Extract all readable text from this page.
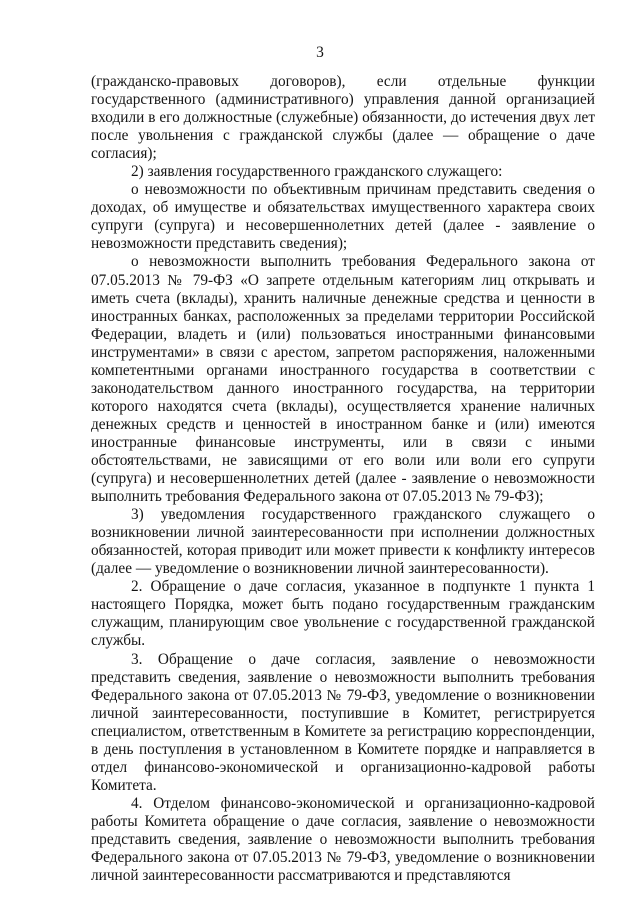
3

(гражданско-правовых договоров), если отдельные функции государственного (административного) управления данной организацией входили в его должностные (служебные) обязанности, до истечения двух лет после увольнения с гражданской службы (далее — обращение о даче согласия);

2) заявления государственного гражданского служащего:

о невозможности по объективным причинам представить сведения о доходах, об имуществе и обязательствах имущественного характера своих супруги (супруга) и несовершеннолетних детей (далее - заявление о невозможности представить сведения);

о невозможности выполнить требования Федерального закона от 07.05.2013 № 79-ФЗ «О запрете отдельным категориям лиц открывать и иметь счета (вклады), хранить наличные денежные средства и ценности в иностранных банках, расположенных за пределами территории Российской Федерации, владеть и (или) пользоваться иностранными финансовыми инструментами» в связи с арестом, запретом распоряжения, наложенными компетентными органами иностранного государства в соответствии с законодательством данного иностранного государства, на территории которого находятся счета (вклады), осуществляется хранение наличных денежных средств и ценностей в иностранном банке и (или) имеются иностранные финансовые инструменты, или в связи с иными обстоятельствами, не зависящими от его воли или воли его супруги (супруга) и несовершеннолетних детей (далее - заявление о невозможности выполнить требования Федерального закона от 07.05.2013 № 79-ФЗ);

3) уведомления государственного гражданского служащего о возникновении личной заинтересованности при исполнении должностных обязанностей, которая приводит или может привести к конфликту интересов (далее — уведомление о возникновении личной заинтересованности).

2. Обращение о даче согласия, указанное в подпункте 1 пункта 1 настоящего Порядка, может быть подано государственным гражданским служащим, планирующим свое увольнение с государственной гражданской службы.

3. Обращение о даче согласия, заявление о невозможности представить сведения, заявление о невозможности выполнить требования Федерального закона от 07.05.2013 № 79-ФЗ, уведомление о возникновении личной заинтересованности, поступившие в Комитет, регистрируется специалистом, ответственным в Комитете за регистрацию корреспонденции, в день поступления в установленном в Комитете порядке и направляется в отдел финансово-экономической и организационно-кадровой работы Комитета.

4. Отделом финансово-экономической и организационно-кадровой работы Комитета обращение о даче согласия, заявление о невозможности представить сведения, заявление о невозможности выполнить требования Федерального закона от 07.05.2013 № 79-ФЗ, уведомление о возникновении личной заинтересованности рассматриваются и представляются
